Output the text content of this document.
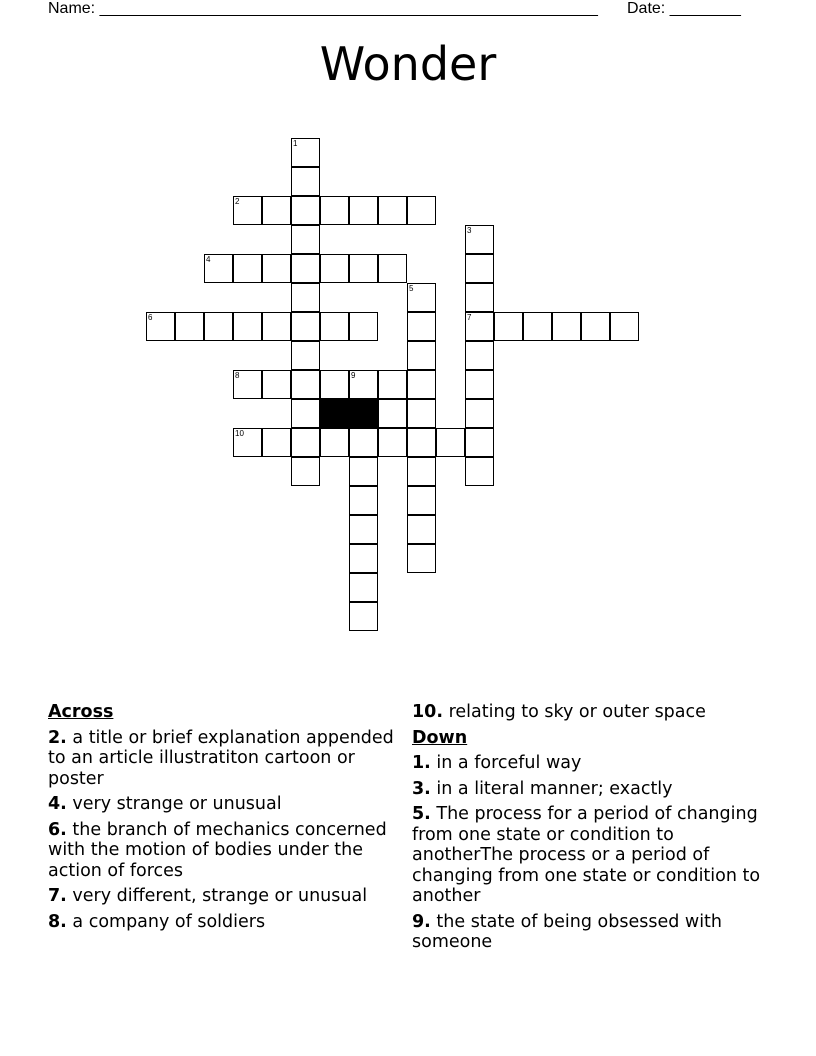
Name: ________________________________________________________ Date: ________
Wonder
1
2
3
7
4
5
6
8	9
10
Across
2. a title or brief explanation appended to an article illustratiton cartoon or poster
4. very strange or unusual
6. the branch of mechanics concerned with the motion of bodies under the action of forces
7. very different, strange or unusual
8. a company of soldiers
10. relating to sky or outer space
Down
1. in a forceful way
3. in a literal manner; exactly
5. The process for a period of changing from one state or condition to anotherThe process or a period of changing from one state or condition to another
9. the state of being obsessed with someone
